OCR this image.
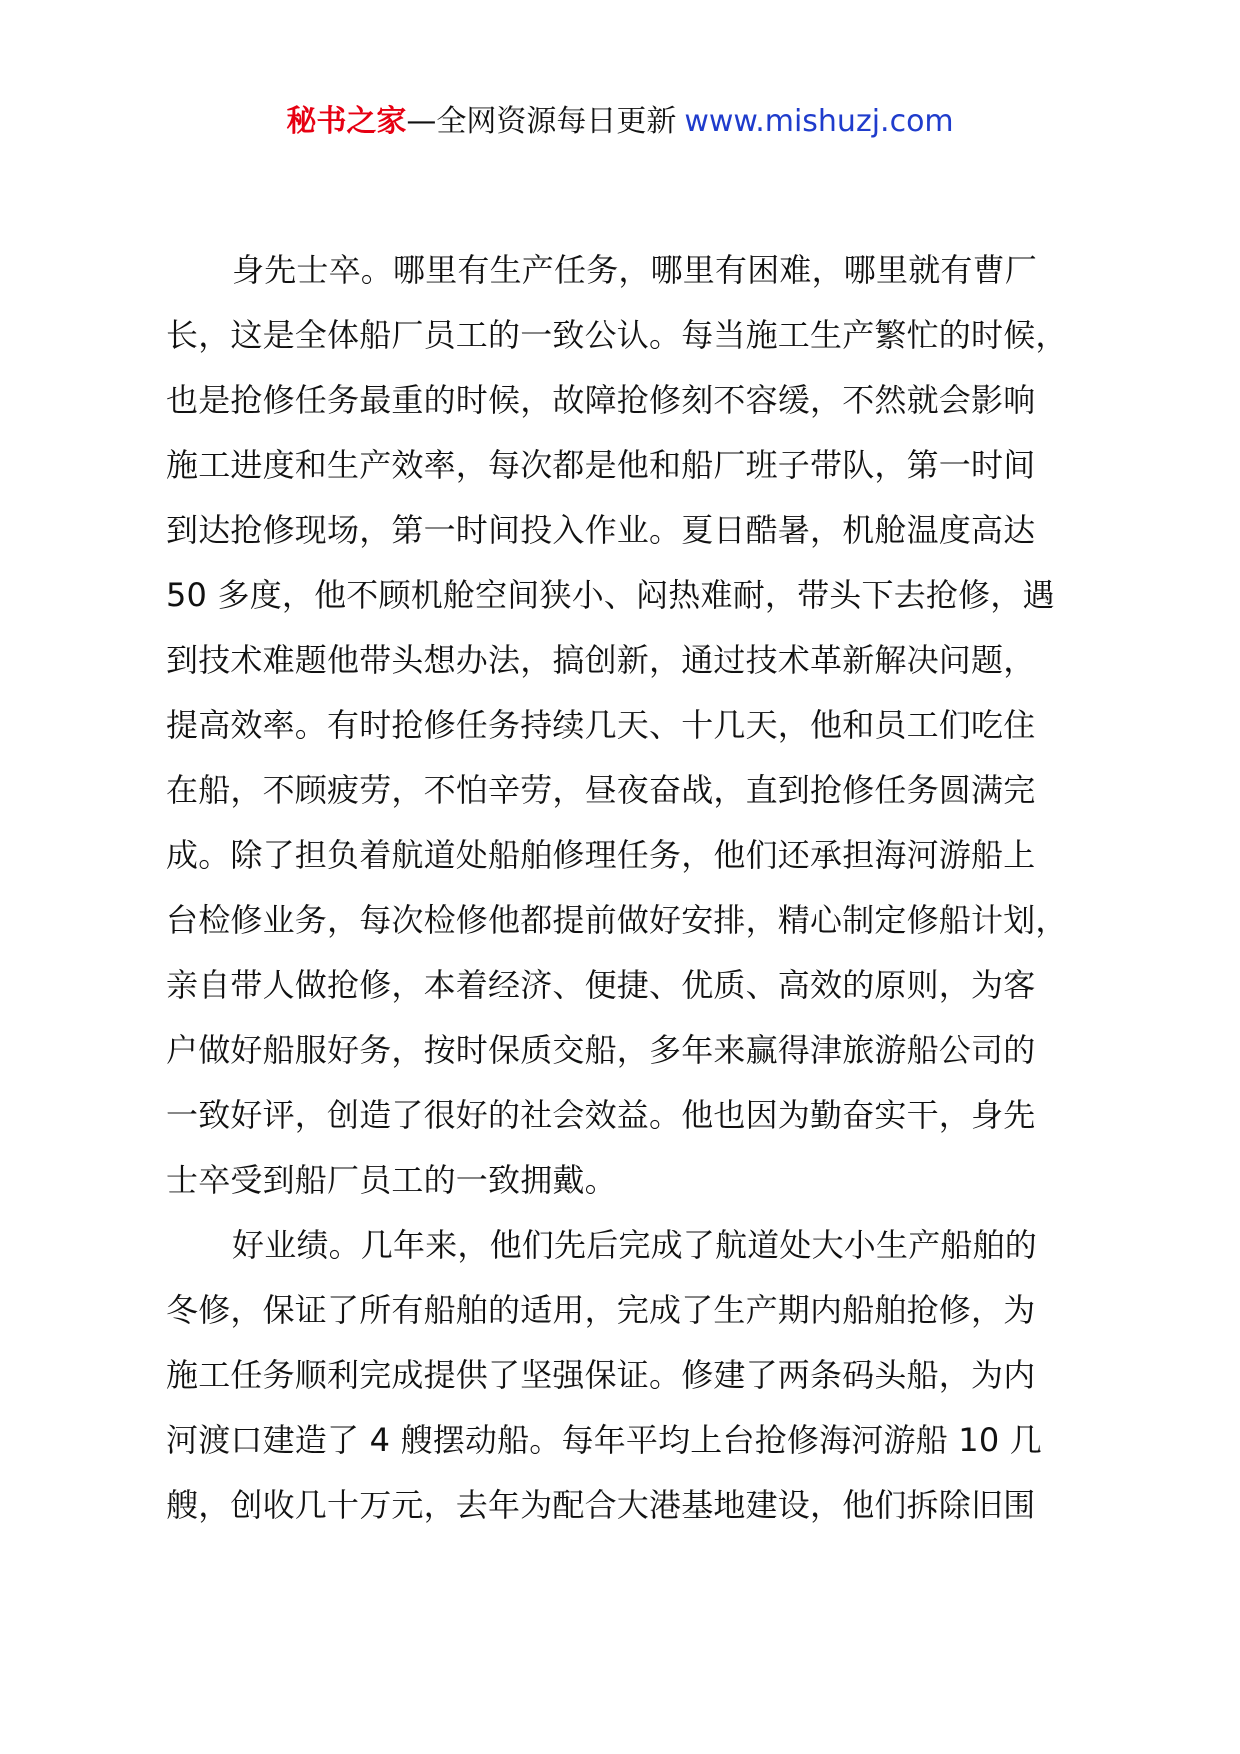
秘书之家—全网资源每日更新 www.mishuzj.com
身先士卒。哪里有生产任务，哪里有困难，哪里就有曹厂
长，这是全体船厂员工的一致公认。每当施工生产繁忙的时候，
也是抢修任务最重的时候，故障抢修刻不容缓，不然就会影响
施工进度和生产效率，每次都是他和船厂班子带队，第一时间
到达抢修现场，第一时间投入作业。夏日酷暑，机舱温度高达
50 多度，他不顾机舱空间狭小、闷热难耐，带头下去抢修，遇
到技术难题他带头想办法，搞创新，通过技术革新解决问题，
提高效率。有时抢修任务持续几天、十几天，他和员工们吃住
在船，不顾疲劳，不怕辛劳，昼夜奋战，直到抢修任务圆满完
成。除了担负着航道处船舶修理任务，他们还承担海河游船上
台检修业务，每次检修他都提前做好安排，精心制定修船计划，
亲自带人做抢修，本着经济、便捷、优质、高效的原则，为客
户做好船服好务，按时保质交船，多年来赢得津旅游船公司的
一致好评，创造了很好的社会效益。他也因为勤奋实干，身先
士卒受到船厂员工的一致拥戴。
好业绩。几年来，他们先后完成了航道处大小生产船舶的
冬修，保证了所有船舶的适用，完成了生产期内船舶抢修，为
施工任务顺利完成提供了坚强保证。修建了两条码头船，为内
河渡口建造了 4 艘摆动船。每年平均上台抢修海河游船 10 几
艘，创收几十万元，去年为配合大港基地建设，他们拆除旧围
